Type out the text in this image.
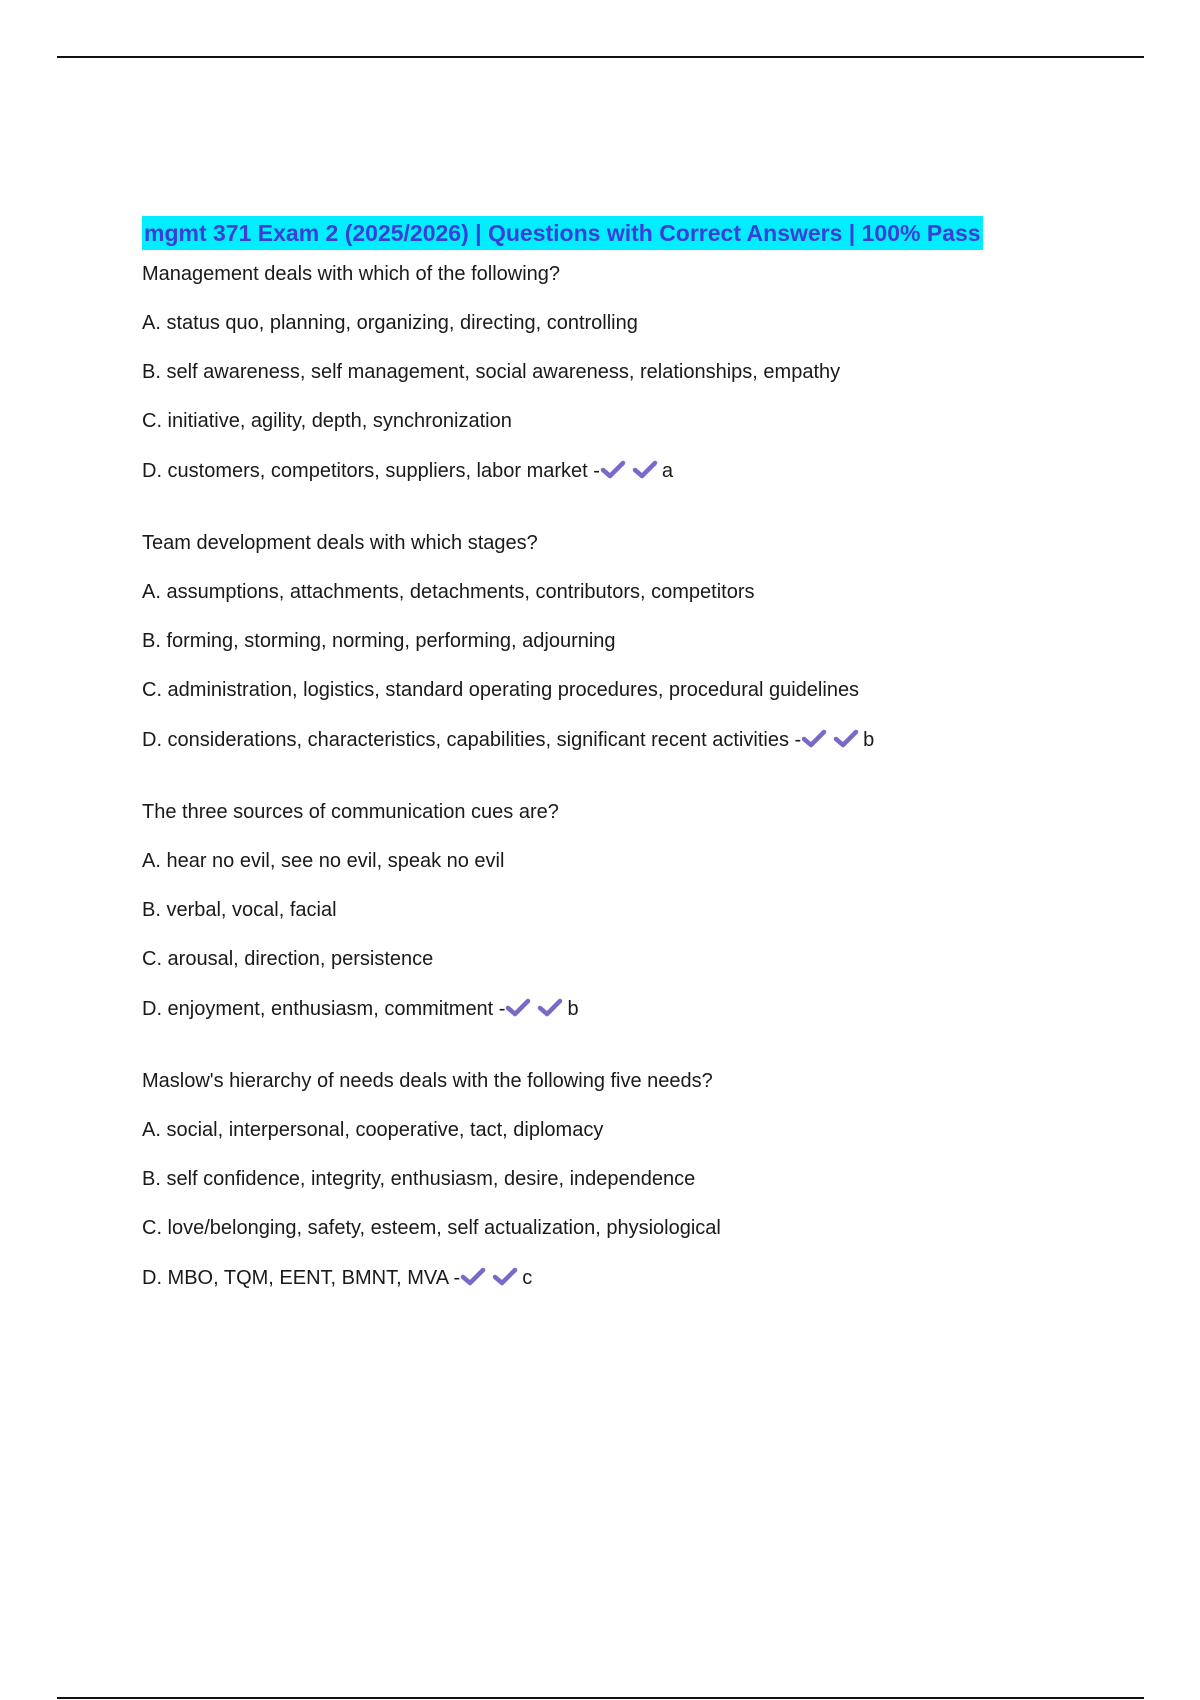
mgmt 371 Exam 2 (2025/2026) | Questions with Correct Answers | 100% Pass
Management deals with which of the following?
A. status quo, planning, organizing, directing, controlling
B. self awareness, self management, social awareness, relationships, empathy
C. initiative, agility, depth, synchronization
D. customers, competitors, suppliers, labor market -	a
Team development deals with which stages?
A. assumptions, attachments, detachments, contributors, competitors
B. forming, storming, norming, performing, adjourning
C. administration, logistics, standard operating procedures, procedural guidelines
D. considerations, characteristics, capabilities, significant recent activities -	b
The three sources of communication cues are?
A. hear no evil, see no evil, speak no evil
B. verbal, vocal, facial
C. arousal, direction, persistence
D. enjoyment, enthusiasm, commitment -	b
Maslow's hierarchy of needs deals with the following five needs?
A. social, interpersonal, cooperative, tact, diplomacy
B. self confidence, integrity, enthusiasm, desire, independence
C. love/belonging, safety, esteem, self actualization, physiological
D. MBO, TQM, EENT, BMNT, MVA -	c
